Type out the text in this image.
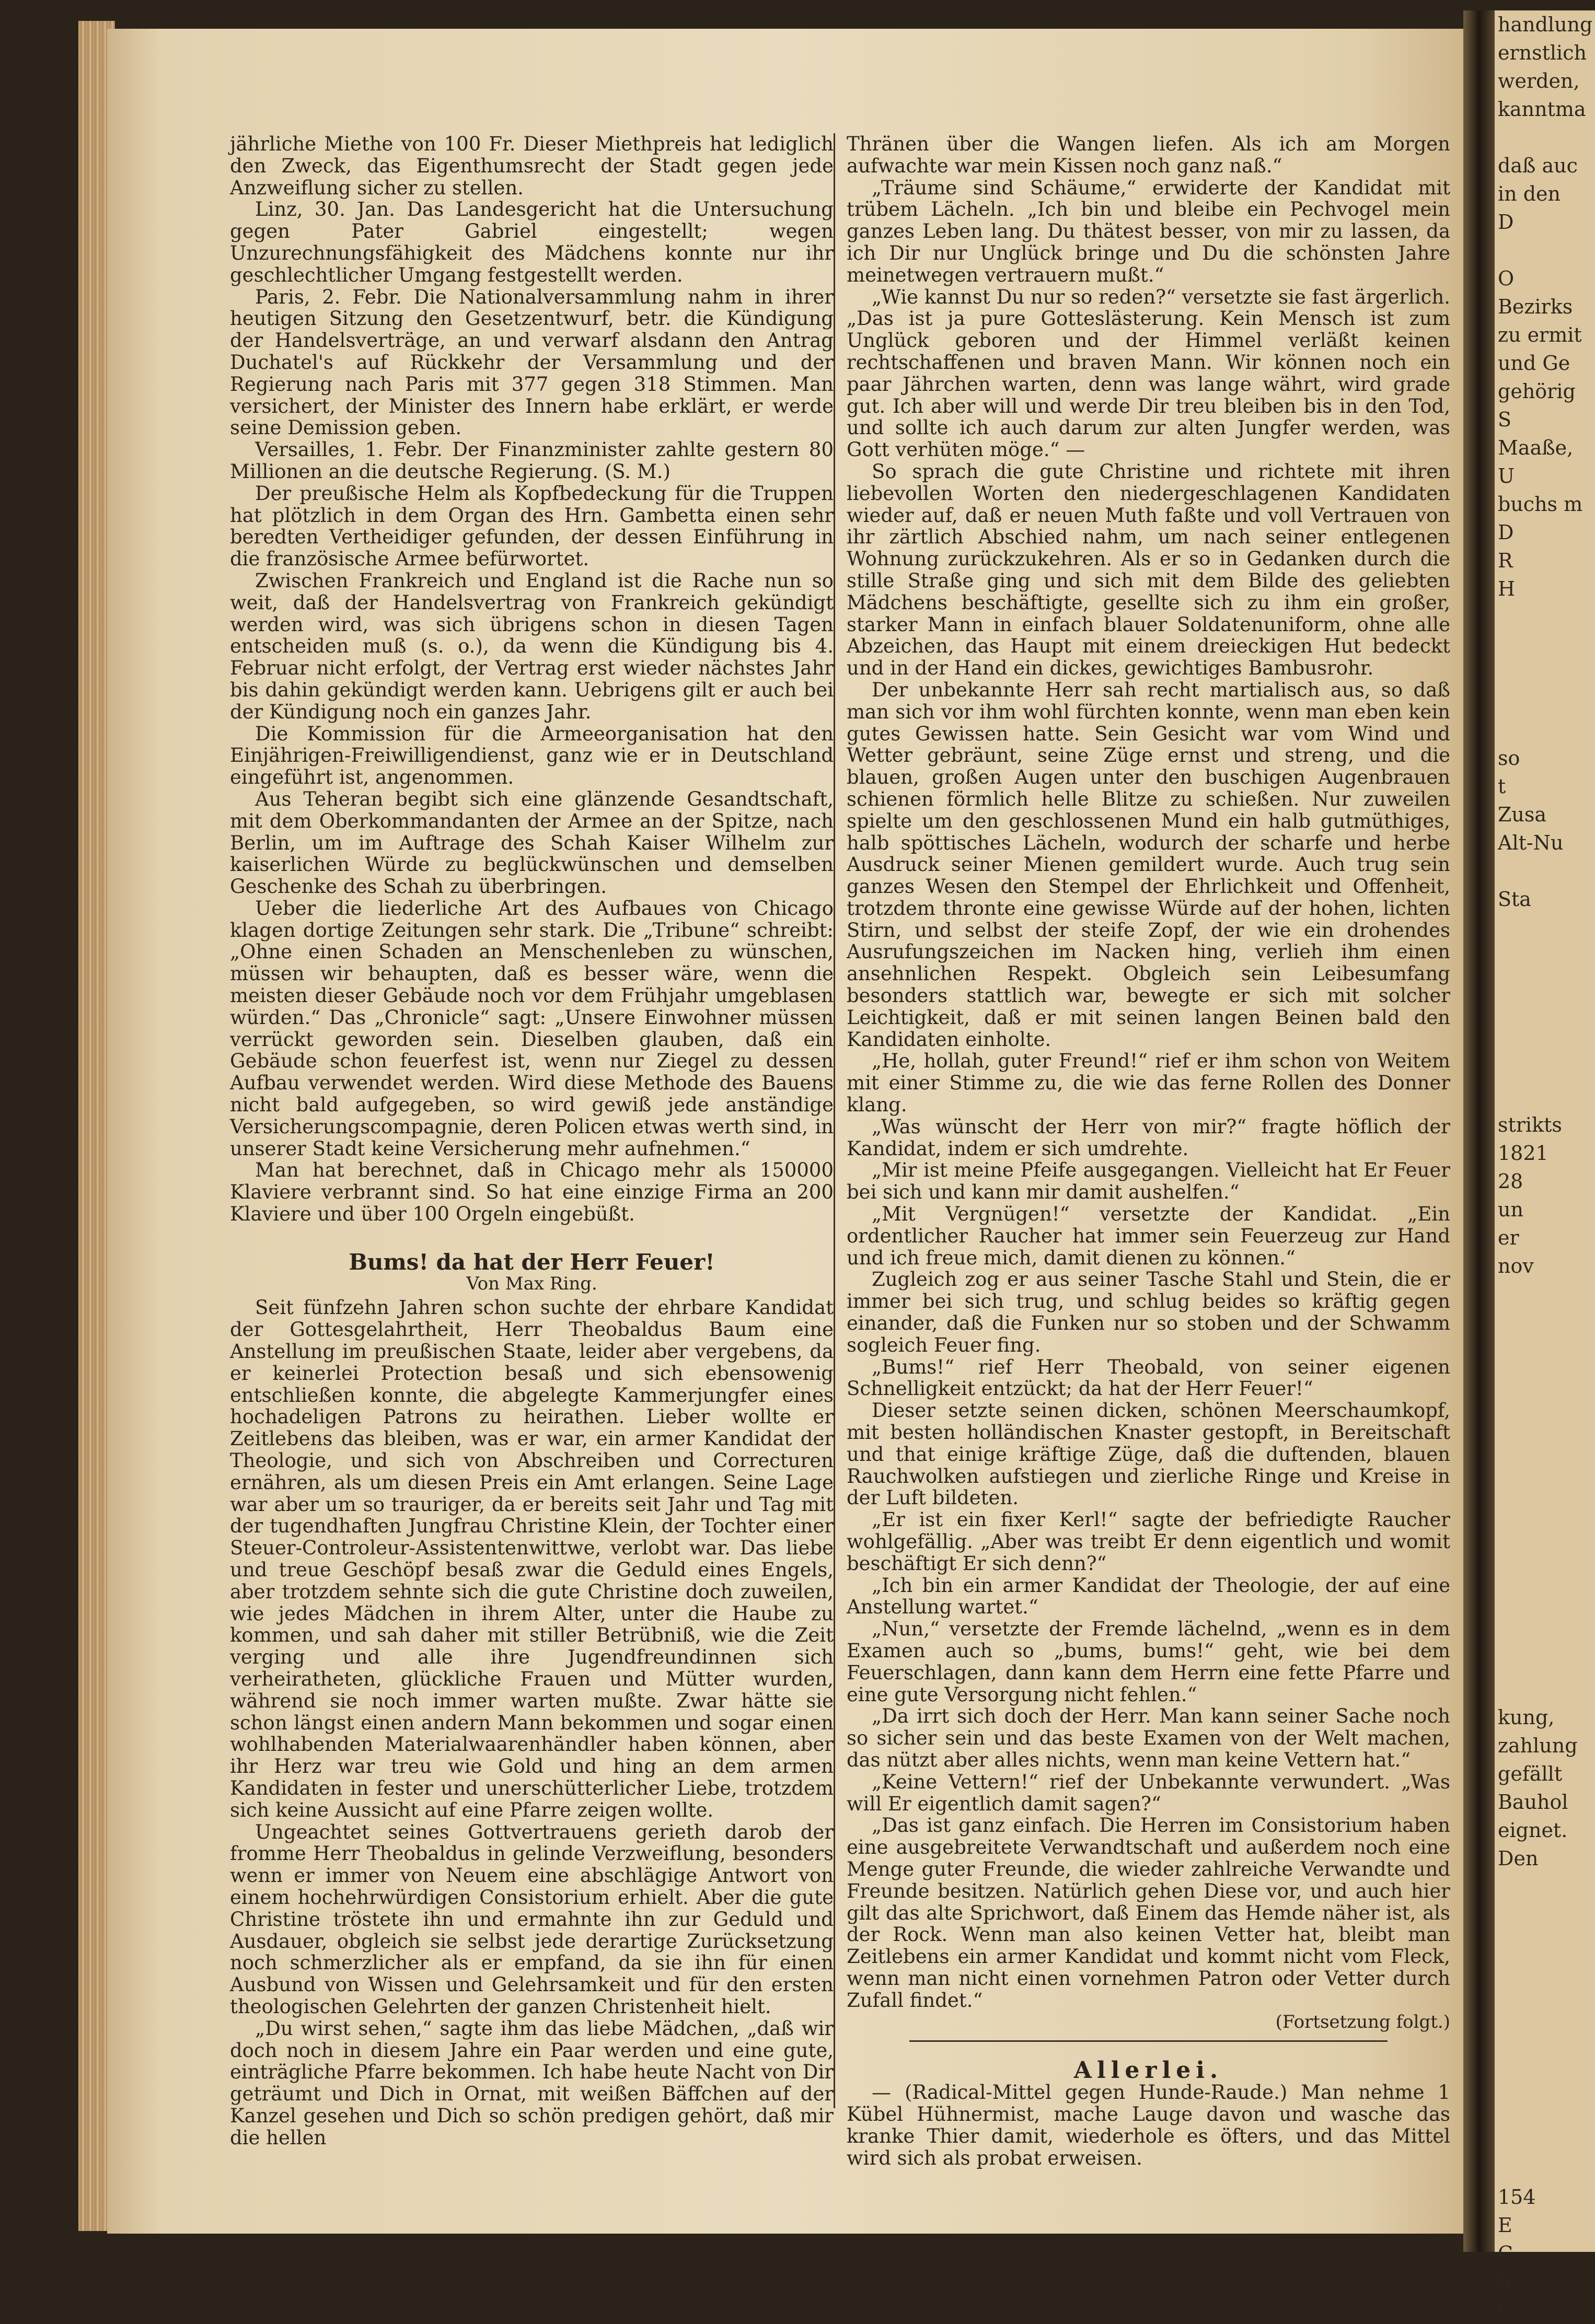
jährliche Miethe von 100 Fr. Dieser Miethpreis hat lediglich den Zweck, das Eigenthumsrecht der Stadt gegen jede Anzweiflung sicher zu stellen.

Linz, 30. Jan. Das Landesgericht hat die Untersuchung gegen Pater Gabriel eingestellt; wegen Unzurechnungsfähigkeit des Mädchens konnte nur ihr geschlechtlicher Umgang festgestellt werden.

Paris, 2. Febr. Die Nationalversammlung nahm in ihrer heutigen Sitzung den Gesetzentwurf, betr. die Kündigung der Handelsverträge, an und verwarf alsdann den Antrag Duchatel's auf Rückkehr der Versammlung und der Regierung nach Paris mit 377 gegen 318 Stimmen. Man versichert, der Minister des Innern habe erklärt, er werde seine Demission geben.

Versailles, 1. Febr. Der Finanzminister zahlte gestern 80 Millionen an die deutsche Regierung. (S. M.)

Der preußische Helm als Kopfbedeckung für die Truppen hat plötzlich in dem Organ des Hrn. Gambetta einen sehr beredten Vertheidiger gefunden, der dessen Einführung in die französische Armee befürwortet.

Zwischen Frankreich und England ist die Rache nun so weit, daß der Handelsvertrag von Frankreich gekündigt werden wird, was sich übrigens schon in diesen Tagen entscheiden muß (s. o.), da wenn die Kündigung bis 4. Februar nicht erfolgt, der Vertrag erst wieder nächstes Jahr bis dahin gekündigt werden kann. Uebrigens gilt er auch bei der Kündigung noch ein ganzes Jahr.

Die Kommission für die Armeeorganisation hat den Einjährigen-Freiwilligendienst, ganz wie er in Deutschland eingeführt ist, angenommen.

Aus Teheran begibt sich eine glänzende Gesandtschaft, mit dem Oberkommandanten der Armee an der Spitze, nach Berlin, um im Auftrage des Schah Kaiser Wilhelm zur kaiserlichen Würde zu beglückwünschen und demselben Geschenke des Schah zu überbringen.

Ueber die liederliche Art des Aufbaues von Chicago klagen dortige Zeitungen sehr stark. Die „Tribune“ schreibt: „Ohne einen Schaden an Menschenleben zu wünschen, müssen wir behaupten, daß es besser wäre, wenn die meisten dieser Gebäude noch vor dem Frühjahr umgeblasen würden.“ Das „Chronicle“ sagt: „Unsere Einwohner müssen verrückt geworden sein. Dieselben glauben, daß ein Gebäude schon feuerfest ist, wenn nur Ziegel zu dessen Aufbau verwendet werden. Wird diese Methode des Bauens nicht bald aufgegeben, so wird gewiß jede anständige Versicherungscompagnie, deren Policen etwas werth sind, in unserer Stadt keine Versicherung mehr aufnehmen.“

Man hat berechnet, daß in Chicago mehr als 150000 Klaviere verbrannt sind. So hat eine einzige Firma an 200 Klaviere und über 100 Orgeln eingebüßt.

Bums! da hat der Herr Feuer!
Von Max Ring.

Seit fünfzehn Jahren schon suchte der ehrbare Kandidat der Gottesgelahrtheit, Herr Theobaldus Baum eine Anstellung im preußischen Staate, leider aber vergebens, da er keinerlei Protection besaß und sich ebensowenig entschließen konnte, die abgelegte Kammerjungfer eines hochadeligen Patrons zu heirathen. Lieber wollte er Zeitlebens das bleiben, was er war, ein armer Kandidat der Theologie, und sich von Abschreiben und Correcturen ernähren, als um diesen Preis ein Amt erlangen. Seine Lage war aber um so trauriger, da er bereits seit Jahr und Tag mit der tugendhaften Jungfrau Christine Klein, der Tochter einer Steuer-Controleur-Assistentenwittwe, verlobt war. Das liebe und treue Geschöpf besaß zwar die Geduld eines Engels, aber trotzdem sehnte sich die gute Christine doch zuweilen, wie jedes Mädchen in ihrem Alter, unter die Haube zu kommen, und sah daher mit stiller Betrübniß, wie die Zeit verging und alle ihre Jugendfreundinnen sich verheiratheten, glückliche Frauen und Mütter wurden, während sie noch immer warten mußte. Zwar hätte sie schon längst einen andern Mann bekommen und sogar einen wohlhabenden Materialwaarenhändler haben können, aber ihr Herz war treu wie Gold und hing an dem armen Kandidaten in fester und unerschütterlicher Liebe, trotzdem sich keine Aussicht auf eine Pfarre zeigen wollte.

Ungeachtet seines Gottvertrauens gerieth darob der fromme Herr Theobaldus in gelinde Verzweiflung, besonders wenn er immer von Neuem eine abschlägige Antwort von einem hochehrwürdigen Consistorium erhielt. Aber die gute Christine tröstete ihn und ermahnte ihn zur Geduld und Ausdauer, obgleich sie selbst jede derartige Zurücksetzung noch schmerzlicher als er empfand, da sie ihn für einen Ausbund von Wissen und Gelehrsamkeit und für den ersten theologischen Gelehrten der ganzen Christenheit hielt.

„Du wirst sehen,“ sagte ihm das liebe Mädchen, „daß wir doch noch in diesem Jahre ein Paar werden und eine gute, einträgliche Pfarre bekommen. Ich habe heute Nacht von Dir geträumt und Dich in Ornat, mit weißen Bäffchen auf der Kanzel gesehen und Dich so schön predigen gehört, daß mir die hellen

Thränen über die Wangen liefen. Als ich am Morgen aufwachte war mein Kissen noch ganz naß.“

„Träume sind Schäume,“ erwiderte der Kandidat mit trübem Lächeln. „Ich bin und bleibe ein Pechvogel mein ganzes Leben lang. Du thätest besser, von mir zu lassen, da ich Dir nur Unglück bringe und Du die schönsten Jahre meinetwegen vertrauern mußt.“

„Wie kannst Du nur so reden?“ versetzte sie fast ärgerlich. „Das ist ja pure Gotteslästerung. Kein Mensch ist zum Unglück geboren und der Himmel verläßt keinen rechtschaffenen und braven Mann. Wir können noch ein paar Jährchen warten, denn was lange währt, wird grade gut. Ich aber will und werde Dir treu bleiben bis in den Tod, und sollte ich auch darum zur alten Jungfer werden, was Gott verhüten möge.“ —

So sprach die gute Christine und richtete mit ihren liebevollen Worten den niedergeschlagenen Kandidaten wieder auf, daß er neuen Muth faßte und voll Vertrauen von ihr zärtlich Abschied nahm, um nach seiner entlegenen Wohnung zurückzukehren. Als er so in Gedanken durch die stille Straße ging und sich mit dem Bilde des geliebten Mädchens beschäftigte, gesellte sich zu ihm ein großer, starker Mann in einfach blauer Soldatenuniform, ohne alle Abzeichen, das Haupt mit einem dreieckigen Hut bedeckt und in der Hand ein dickes, gewichtiges Bambusrohr.

Der unbekannte Herr sah recht martialisch aus, so daß man sich vor ihm wohl fürchten konnte, wenn man eben kein gutes Gewissen hatte. Sein Gesicht war vom Wind und Wetter gebräunt, seine Züge ernst und streng, und die blauen, großen Augen unter den buschigen Augenbrauen schienen förmlich helle Blitze zu schießen. Nur zuweilen spielte um den geschlossenen Mund ein halb gutmüthiges, halb spöttisches Lächeln, wodurch der scharfe und herbe Ausdruck seiner Mienen gemildert wurde. Auch trug sein ganzes Wesen den Stempel der Ehrlichkeit und Offenheit, trotzdem thronte eine gewisse Würde auf der hohen, lichten Stirn, und selbst der steife Zopf, der wie ein drohendes Ausrufungszeichen im Nacken hing, verlieh ihm einen ansehnlichen Respekt. Obgleich sein Leibesumfang besonders stattlich war, bewegte er sich mit solcher Leichtigkeit, daß er mit seinen langen Beinen bald den Kandidaten einholte.

„He, hollah, guter Freund!“ rief er ihm schon von Weitem mit einer Stimme zu, die wie das ferne Rollen des Donner klang.

„Was wünscht der Herr von mir?“ fragte höflich der Kandidat, indem er sich umdrehte.

„Mir ist meine Pfeife ausgegangen. Vielleicht hat Er Feuer bei sich und kann mir damit aushelfen.“

„Mit Vergnügen!“ versetzte der Kandidat. „Ein ordentlicher Raucher hat immer sein Feuerzeug zur Hand und ich freue mich, damit dienen zu können.“

Zugleich zog er aus seiner Tasche Stahl und Stein, die er immer bei sich trug, und schlug beides so kräftig gegen einander, daß die Funken nur so stoben und der Schwamm sogleich Feuer fing.

„Bums!“ rief Herr Theobald, von seiner eigenen Schnelligkeit entzückt; da hat der Herr Feuer!“

Dieser setzte seinen dicken, schönen Meerschaumkopf, mit besten holländischen Knaster gestopft, in Bereitschaft und that einige kräftige Züge, daß die duftenden, blauen Rauchwolken aufstiegen und zierliche Ringe und Kreise in der Luft bildeten.

„Er ist ein fixer Kerl!“ sagte der befriedigte Raucher wohlgefällig. „Aber was treibt Er denn eigentlich und womit beschäftigt Er sich denn?“

„Ich bin ein armer Kandidat der Theologie, der auf eine Anstellung wartet.“

„Nun,“ versetzte der Fremde lächelnd, „wenn es in dem Examen auch so „bums, bums!“ geht, wie bei dem Feuerschlagen, dann kann dem Herrn eine fette Pfarre und eine gute Versorgung nicht fehlen.“

„Da irrt sich doch der Herr. Man kann seiner Sache noch so sicher sein und das beste Examen von der Welt machen, das nützt aber alles nichts, wenn man keine Vettern hat.“

„Keine Vettern!“ rief der Unbekannte verwundert. „Was will Er eigentlich damit sagen?“

„Das ist ganz einfach. Die Herren im Consistorium haben eine ausgebreitete Verwandtschaft und außerdem noch eine Menge guter Freunde, die wieder zahlreiche Verwandte und Freunde besitzen. Natürlich gehen Diese vor, und auch hier gilt das alte Sprichwort, daß Einem das Hemde näher ist, als der Rock. Wenn man also keinen Vetter hat, bleibt man Zeitlebens ein armer Kandidat und kommt nicht vom Fleck, wenn man nicht einen vornehmen Patron oder Vetter durch Zufall findet.“

(Fortsetzung folgt.)
Allerlei.

— (Radical-Mittel gegen Hunde-Raude.) Man nehme 1 Kübel Hühnermist, mache Lauge davon und wasche das kranke Thier damit, wiederhole es öfters, und das Mittel wird sich als probat erweisen.

handlung
ernstlich
werden,
kanntma

daß auc
in den
D

O
Bezirks
zu ermit
und Ge
gehörig
S
Maaße,
U
buchs m
D
R
H

so
t
Zusa
Alt-Nu

Sta

strikts
1821
28
un
er
nov

kung,
zahlung
gefällt
Bauhol
eignet.
Den

154
E
C
S
t
